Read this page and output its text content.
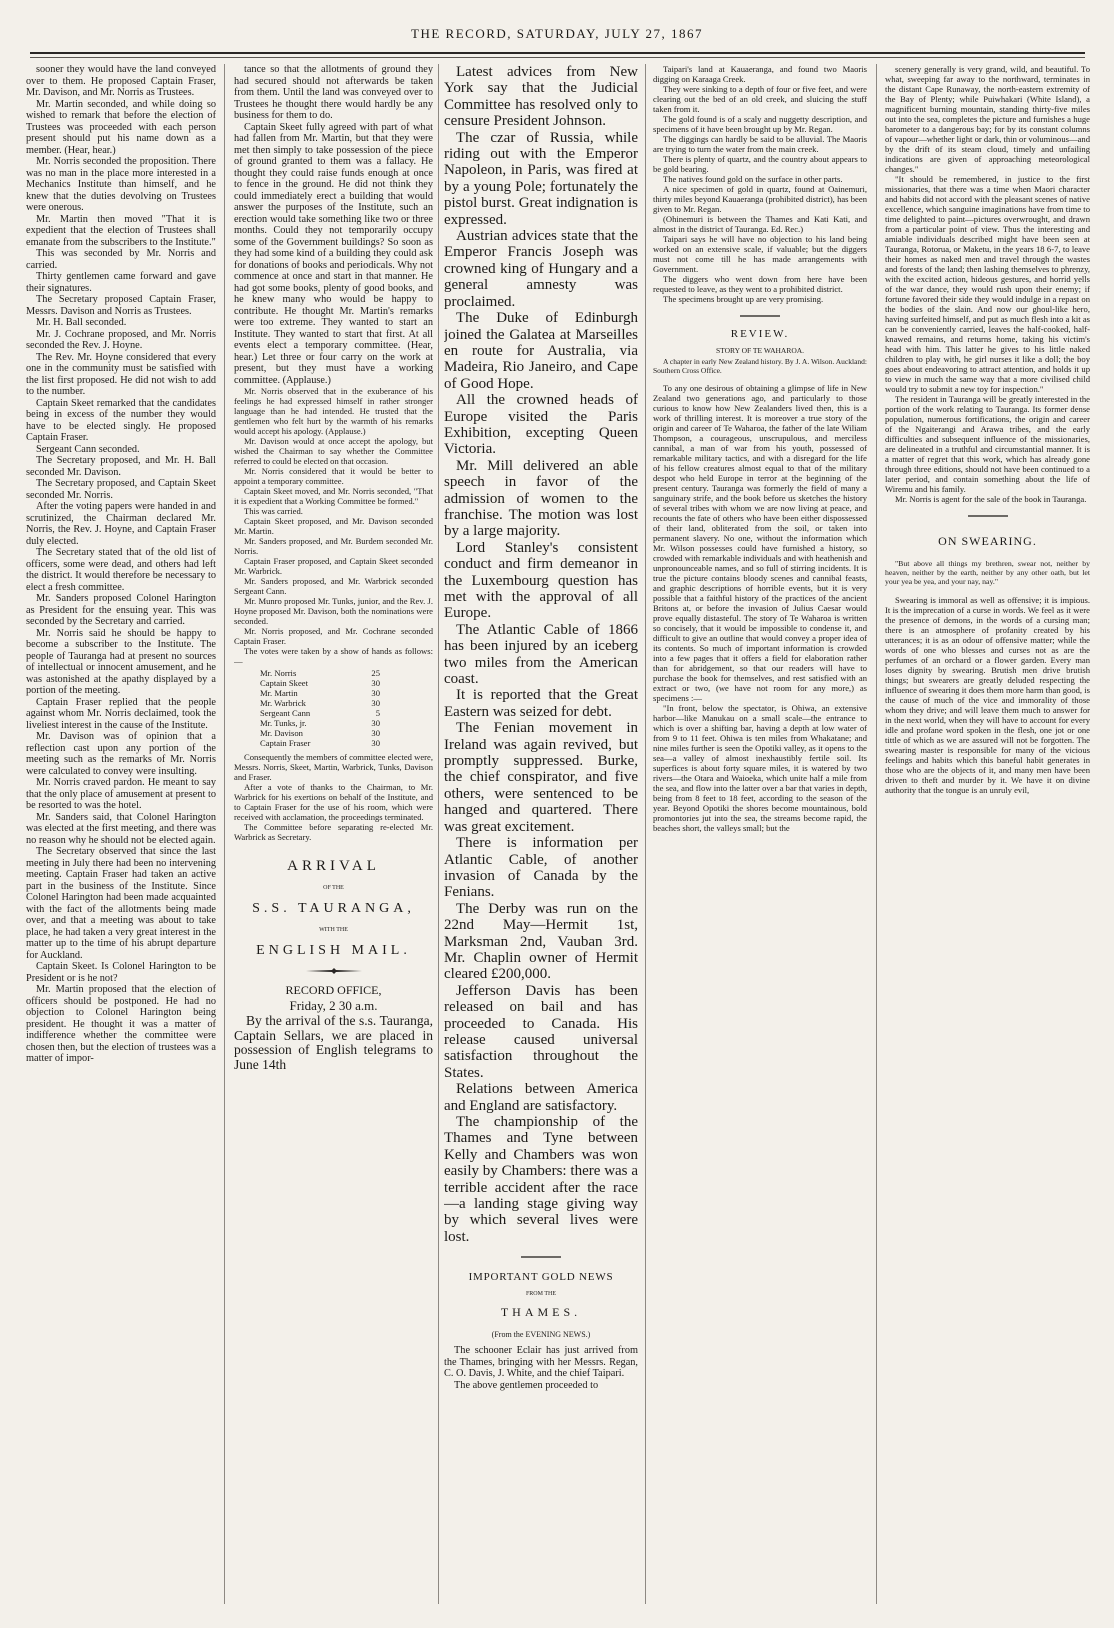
THE RECORD, SATURDAY, JULY 27, 1867

sooner they would have the land conveyed over to them. He proposed Captain Fraser, Mr. Davison, and Mr. Norris as Trustees.

Mr. Martin seconded, and while doing so wished to remark that before the election of Trustees was proceeded with each person present should put his name down as a member. (Hear, hear.)

Mr. Norris seconded the proposition. There was no man in the place more interested in a Mechanics Institute than himself, and he knew that the duties devolving on Trustees were onerous.

Mr. Martin then moved "That it is expedient that the election of Trustees shall emanate from the subscribers to the Institute."

This was seconded by Mr. Norris and carried.

Thirty gentlemen came forward and gave their signatures.

The Secretary proposed Captain Fraser, Messrs. Davison and Norris as Trustees.

Mr. H. Ball seconded.

Mr. J. Cochrane proposed, and Mr. Norris seconded the Rev. J. Hoyne.

The Rev. Mr. Hoyne considered that every one in the community must be satisfied with the list first proposed. He did not wish to add to the number.

Captain Skeet remarked that the candidates being in excess of the number they would have to be elected singly. He proposed Captain Fraser.

Sergeant Cann seconded.

The Secretary proposed, and Mr. H. Ball seconded Mr. Davison.

The Secretary proposed, and Captain Skeet seconded Mr. Norris.

After the voting papers were handed in and scrutinized, the Chairman declared Mr. Norris, the Rev. J. Hoyne, and Captain Fraser duly elected.

The Secretary stated that of the old list of officers, some were dead, and others had left the district. It would therefore be necessary to elect a fresh committee.

Mr. Sanders proposed Colonel Harington as President for the ensuing year. This was seconded by the Secretary and carried.

Mr. Norris said he should be happy to become a subscriber to the Institute. The people of Tauranga had at present no sources of intellectual or innocent amusement, and he was astonished at the apathy displayed by a portion of the meeting.

Captain Fraser replied that the people against whom Mr. Norris declaimed, took the liveliest interest in the cause of the Institute.

Mr. Davison was of opinion that a reflection cast upon any portion of the meeting such as the remarks of Mr. Norris were calculated to convey were insulting.

Mr. Norris craved pardon. He meant to say that the only place of amusement at present to be resorted to was the hotel.

Mr. Sanders said, that Colonel Harington was elected at the first meeting, and there was no reason why he should not be elected again.

The Secretary observed that since the last meeting in July there had been no intervening meeting. Captain Fraser had taken an active part in the business of the Institute. Since Colonel Harington had been made acquainted with the fact of the allotments being made over, and that a meeting was about to take place, he had taken a very great interest in the matter up to the time of his abrupt departure for Auckland.

Captain Skeet. Is Colonel Harington to be President or is he not?

Mr. Martin proposed that the election of officers should be postponed. He had no objection to Colonel Harington being president. He thought it was a matter of indifference whether the committee were chosen then, but the election of trustees was a matter of impor-

tance so that the allotments of ground they had secured should not afterwards be taken from them. Until the land was conveyed over to Trustees he thought there would hardly be any business for them to do.

Captain Skeet fully agreed with part of what had fallen from Mr. Martin, but that they were met then simply to take possession of the piece of ground granted to them was a fallacy. He thought they could raise funds enough at once to fence in the ground. He did not think they could immediately erect a building that would answer the purposes of the Institute, such an erection would take something like two or three months. Could they not temporarily occupy some of the Government buildings? So soon as they had some kind of a building they could ask for donations of books and periodicals. Why not commence at once and start in that manner. He had got some books, plenty of good books, and he knew many who would be happy to contribute. He thought Mr. Martin's remarks were too extreme. They wanted to start an Institute. They wanted to start that first. At all events elect a temporary committee. (Hear, hear.) Let three or four carry on the work at present, but they must have a working committee. (Applause.)

Mr. Norris observed that in the exuberance of his feelings he had expressed himself in rather stronger language than he had intended. He trusted that the gentlemen who felt hurt by the warmth of his remarks would accept his apology. (Applause.)

Mr. Davison would at once accept the apology, but wished the Chairman to say whether the Committee referred to could be elected on that occasion.

Mr. Norris considered that it would be better to appoint a temporary committee.

Captain Skeet moved, and Mr. Norris seconded, "That it is expedient that a Working Committee be formed."

This was carried.

Captain Skeet proposed, and Mr. Davison seconded Mr. Martin.

Mr. Sanders proposed, and Mr. Burdem seconded Mr. Norris.

Captain Fraser proposed, and Captain Skeet seconded Mr. Warbrick.

Mr. Sanders proposed, and Mr. Warbrick seconded Sergeant Cann.

Mr. Munro proposed Mr. Tunks, junior, and the Rev. J. Hoyne proposed Mr. Davison, both the nominations were seconded.

Mr. Norris proposed, and Mr. Cochrane seconded Captain Fraser.

The votes were taken by a show of hands as follows:—

Mr. Norris	25
Captain Skeet	30
Mr. Martin	30
Mr. Warbrick	30
Sergeant Cann	5
Mr. Tunks, jr.	30
Mr. Davison	30
Captain Fraser	30

Consequently the members of committee elected were, Messrs. Norris, Skeet, Martin, Warbrick, Tunks, Davison and Fraser.

After a vote of thanks to the Chairman, to Mr. Warbrick for his exertions on behalf of the Institute, and to Captain Fraser for the use of his room, which were received with acclamation, the proceedings terminated.

The Committee before separating re-elected Mr. Warbrick as Secretary.

ARRIVAL

OF THE

S.S. TAURANGA,

WITH THE

ENGLISH MAIL.

RECORD OFFICE,

Friday, 2 30 a.m.

By the arrival of the s.s. Tauranga, Captain Sellars, we are placed in possession of English telegrams to June 14th

Latest advices from New York say that the Judicial Committee has resolved only to censure President Johnson.

The czar of Russia, while riding out with the Emperor Napoleon, in Paris, was fired at by a young Pole; fortunately the pistol burst. Great indignation is expressed.

Austrian advices state that the Emperor Francis Joseph was crowned king of Hungary and a general amnesty was proclaimed.

The Duke of Edinburgh joined the Galatea at Marseilles en route for Australia, via Madeira, Rio Janeiro, and Cape of Good Hope.

All the crowned heads of Europe visited the Paris Exhibition, excepting Queen Victoria.

Mr. Mill delivered an able speech in favor of the admission of women to the franchise. The motion was lost by a large majority.

Lord Stanley's consistent conduct and firm demeanor in the Luxembourg question has met with the approval of all Europe.

The Atlantic Cable of 1866 has been injured by an iceberg two miles from the American coast.

It is reported that the Great Eastern was seized for debt.

The Fenian movement in Ireland was again revived, but promptly suppressed. Burke, the chief conspirator, and five others, were sentenced to be hanged and quartered. There was great excitement.

There is information per Atlantic Cable, of another invasion of Canada by the Fenians.

The Derby was run on the 22nd May—Hermit 1st, Marksman 2nd, Vauban 3rd. Mr. Chaplin owner of Hermit cleared £200,000.

Jefferson Davis has been released on bail and has proceeded to Canada. His release caused universal satisfaction throughout the States.

Relations between America and England are satisfactory.

The championship of the Thames and Tyne between Kelly and Chambers was won easily by Chambers: there was a terrible accident after the race—a landing stage giving way by which several lives were lost.

IMPORTANT GOLD NEWS

FROM THE

THAMES.

(From the EVENING NEWS.)

The schooner Eclair has just arrived from the Thames, bringing with her Messrs. Regan, C. O. Davis, J. White, and the chief Taipari.

The above gentlemen proceeded to

Taipari's land at Kauaeranga, and found two Maoris digging on Karaaga Creek.

They were sinking to a depth of four or five feet, and were clearing out the bed of an old creek, and sluicing the stuff taken from it.

The gold found is of a scaly and nuggetty description, and specimens of it have been brought up by Mr. Regan.

The diggings can hardly be said to be alluvial. The Maoris are trying to turn the water from the main creek.

There is plenty of quartz, and the country about appears to be gold bearing.

The natives found gold on the surface in other parts.

A nice specimen of gold in quartz, found at Oainemuri, thirty miles beyond Kauaeranga (prohibited district), has been given to Mr. Regan.

(Ohinemuri is between the Thames and Kati Kati, and almost in the district of Tauranga. Ed. Rec.)

Taipari says he will have no objection to his land being worked on an extensive scale, if valuable; but the diggers must not come till he has made arrangements with Government.

The diggers who went down from here have been requested to leave, as they went to a prohibited district.

The specimens brought up are very promising.

REVIEW.

STORY OF TE WAHAROA.

A chapter in early New Zealand history. By J. A. Wilson. Auckland: Southern Cross Office.

To any one desirous of obtaining a glimpse of life in New Zealand two generations ago, and particularly to those curious to know how New Zealanders lived then, this is a work of thrilling interest. It is moreover a true story of the origin and career of Te Waharoa, the father of the late Wiliam Thompson, a courageous, unscrupulous, and merciless cannibal, a man of war from his youth, possessed of remarkable military tactics, and with a disregard for the life of his fellow creatures almost equal to that of the military despot who held Europe in terror at the beginning of the present century. Tauranga was formerly the field of many a sanguinary strife, and the book before us sketches the history of several tribes with whom we are now living at peace, and recounts the fate of others who have been either dispossessed of their land, obliterated from the soil, or taken into permanent slavery. No one, without the information which Mr. Wilson possesses could have furnished a history, so crowded with remarkable individuals and with heathenish and unpronounceable names, and so full of stirring incidents. It is true the picture contains bloody scenes and cannibal feasts, and graphic descriptions of horrible events, but it is very possible that a faithful history of the practices of the ancient Britons at, or before the invasion of Julius Caesar would prove equally distasteful. The story of Te Waharoa is written so concisely, that it would be impossible to condense it, and difficult to give an outline that would convey a proper idea of its contents. So much of important information is crowded into a few pages that it offers a field for elaboration rather than for abridgement, so that our readers will have to purchase the book for themselves, and rest satisfied with an extract or two, (we have not room for any more,) as specimens :—

"In front, below the spectator, is Ohiwa, an extensive harbor—like Manukau on a small scale—the entrance to which is over a shifting bar, having a depth at low water of from 9 to 11 feet. Ohiwa is ten miles from Whakatane; and nine miles further is seen the Opotiki valley, as it opens to the sea—a valley of almost inexhaustibly fertile soil. Its superfices is about forty square miles, it is watered by two rivers—the Otara and Waioeka, which unite half a mile from the sea, and flow into the latter over a bar that varies in depth, being from 8 feet to 18 feet, according to the season of the year. Beyond Opotiki the shores become mountainous, bold promontories jut into the sea, the streams become rapid, the beaches short, the valleys small; but the

scenery generally is very grand, wild, and beautiful. To what, sweeping far away to the northward, terminates in the distant Cape Runaway, the north-eastern extremity of the Bay of Plenty; while Puiwhakari (White Island), a magnificent burning mountain, standing thirty-five miles out into the sea, completes the picture and furnishes a huge barometer to a dangerous bay; for by its constant columns of vapour—whether light or dark, thin or voluminous—and by the drift of its steam cloud, timely and unfailing indications are given of approaching meteorological changes."

"It should be remembered, in justice to the first missionaries, that there was a time when Maori character and habits did not accord with the pleasant scenes of native excellence, which sanguine imaginations have from time to time delighted to paint—pictures overwrought, and drawn from a particular point of view. Thus the interesting and amiable individuals described might have been seen at Tauranga, Rotorua, or Maketu, in the years 18 6-7, to leave their homes as naked men and travel through the wastes and forests of the land; then lashing themselves to phrenzy, with the excited action, hideous gestures, and horrid yells of the war dance, they would rush upon their enemy; if fortune favored their side they would indulge in a repast on the bodies of the slain. And now our ghoul-like hero, having surfeited himself, and put as much flesh into a kit as can be conveniently carried, leaves the half-cooked, half-knawed remains, and returns home, taking his victim's head with him. This latter he gives to his little naked children to play with, he girl nurses it like a doll; the boy goes about endeavoring to attract attention, and holds it up to view in much the same way that a more civilised child would try to submit a new toy for inspection."

The resident in Tauranga will be greatly interested in the portion of the work relating to Tauranga. Its former dense population, numerous fortifications, the origin and career of the Ngaiterangi and Arawa tribes, and the early difficulties and subsequent influence of the missionaries, are delineated in a truthful and circumstantial manner. It is a matter of regret that this work, which has already gone through three editions, should not have been continued to a later period, and contain something about the life of Wiremu and his family.

Mr. Norris is agent for the sale of the book in Tauranga.

ON SWEARING.

"But above all things my brethren, swear not, neither by heaven, neither by the earth, neither by any other oath, but let your yea be yea, and your nay, nay."

Swearing is immoral as well as offensive; it is impious. It is the imprecation of a curse in words. We feel as it were the presence of demons, in the words of a cursing man; there is an atmosphere of profanity created by his utterances; it is as an odour of offensive matter; while the words of one who blesses and curses not as are the perfumes of an orchard or a flower garden. Every man loses dignity by swearing. Brutish men drive brutish things; but swearers are greatly deluded respecting the influence of swearing it does them more harm than good, is the cause of much of the vice and immorality of those whom they drive; and will leave them much to answer for in the next world, when they will have to account for every idle and profane word spoken in the flesh, one jot or one tittle of which as we are assured will not be forgotten. The swearing master is responsible for many of the vicious feelings and habits which this baneful habit generates in those who are the objects of it, and many men have been driven to theft and murder by it. We have it on divine authority that the tongue is an unruly evil,
